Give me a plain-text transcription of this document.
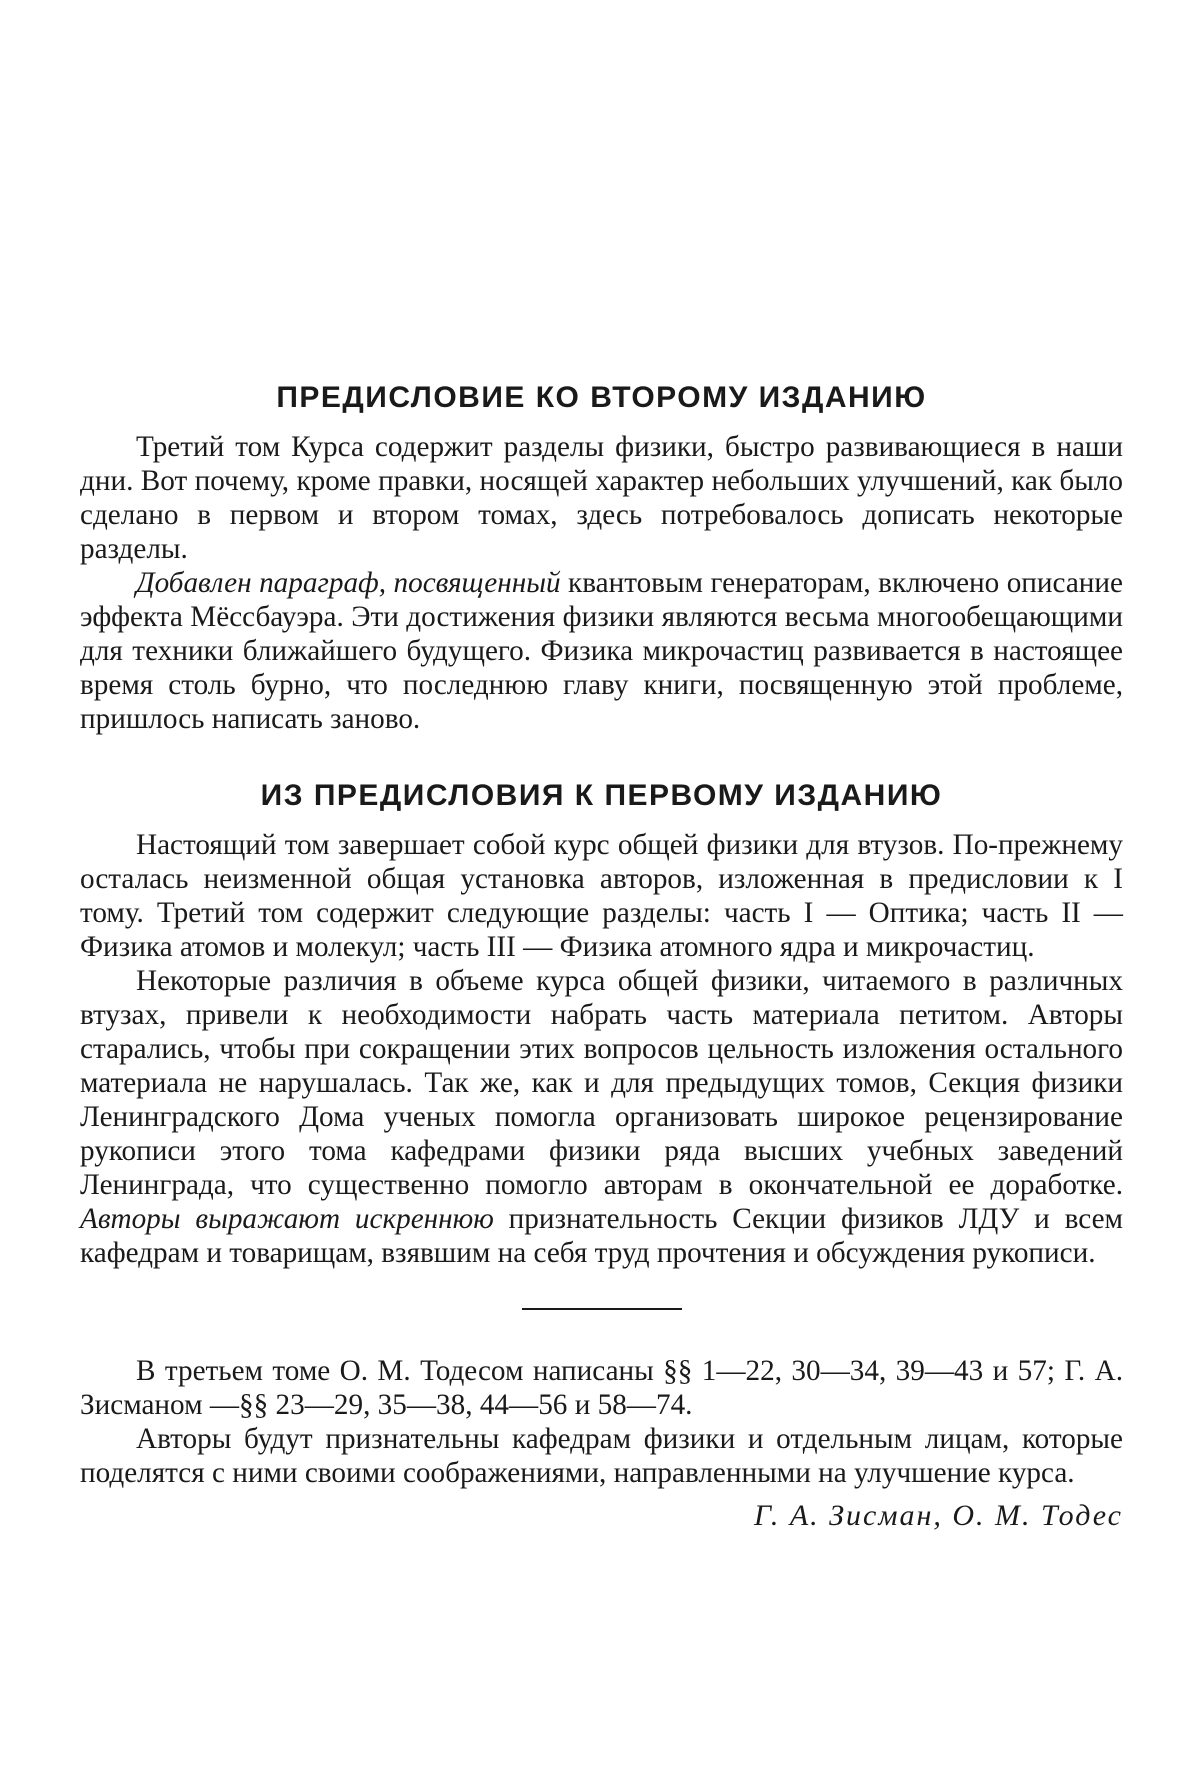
ПРЕДИСЛОВИЕ КО ВТОРОМУ ИЗДАНИЮ

Третий том Курса содержит разделы физики, быстро развивающиеся в наши дни. Вот почему, кроме правки, носящей характер небольших улучшений, как было сделано в первом и втором томах, здесь потребовалось дописать некоторые разделы.

Добавлен параграф, посвященный квантовым генераторам, включено описание эффекта Мёссбауэра. Эти достижения физики являются весьма многообещающими для техники ближайшего будущего. Физика микрочастиц развивается в настоящее время столь бурно, что последнюю главу книги, посвященную этой проблеме, пришлось написать заново.

ИЗ ПРЕДИСЛОВИЯ К ПЕРВОМУ ИЗДАНИЮ

Настоящий том завершает собой курс общей физики для втузов. По-прежнему осталась неизменной общая установка авторов, изложенная в предисловии к I тому. Третий том содержит следующие разделы: часть I — Оптика; часть II — Физика атомов и молекул; часть III — Физика атомного ядра и микрочастиц.

Некоторые различия в объеме курса общей физики, читаемого в различных втузах, привели к необходимости набрать часть материала петитом. Авторы старались, чтобы при сокращении этих вопросов цельность изложения остального материала не нарушалась. Так же, как и для предыдущих томов, Секция физики Ленинградского Дома ученых помогла организовать широкое рецензирование рукописи этого тома кафедрами физики ряда высших учебных заведений Ленинграда, что существенно помогло авторам в окончательной ее доработке. Авторы выражают искреннюю признательность Секции физиков ЛДУ и всем кафедрам и товарищам, взявшим на себя труд прочтения и обсуждения рукописи.

В третьем томе О. М. Тодесом написаны §§ 1—22, 30—34, 39—43 и 57; Г. А. Зисманом —§§ 23—29, 35—38, 44—56 и 58—74.

Авторы будут признательны кафедрам физики и отдельным лицам, которые поделятся с ними своими соображениями, направленными на улучшение курса.

Г. А. Зисман, О. М. Тодес
